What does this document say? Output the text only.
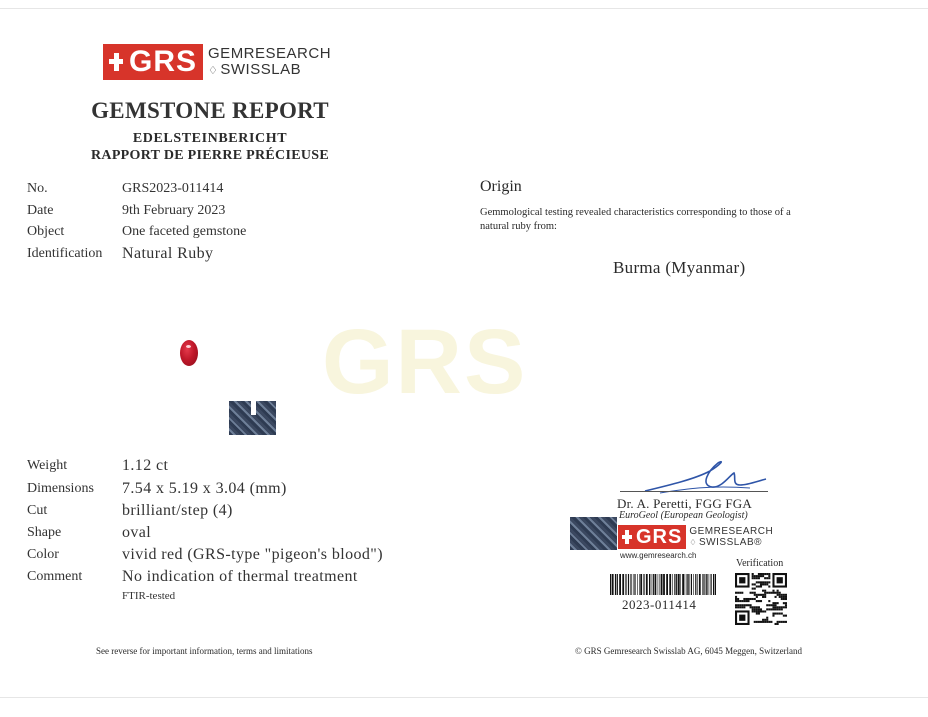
GRS
GRS GEMRESEARCH
♢ SWISSLAB
GEMSTONE REPORT
EDELSTEINBERICHT
RAPPORT DE PIERRE PRÉCIEUSE
No.	GRS2023-011414
Date	9th February 2023
Object	One faceted gemstone
Identification Natural Ruby
Origin
Gemmological testing revealed characteristics corresponding to those of a natural ruby from:
Burma (Myanmar)
Weight	1.12 ct
Dimensions 7.54 x 5.19 x 3.04 (mm)
Cut	brilliant/step (4)
Shape	oval
Color	vivid red (GRS-type "pigeon's blood")
Comment No indication of thermal treatment
FTIR-tested
Dr. A. Peretti, FGG FGA
EuroGeol (European Geologist)
GRS GEMRESEARCH
♢ SWISSLAB®
www.gemresearch.ch
Verification
2023-011414
See reverse for important information, terms and limitations	© GRS Gemresearch Swisslab AG, 6045 Meggen, Switzerland
